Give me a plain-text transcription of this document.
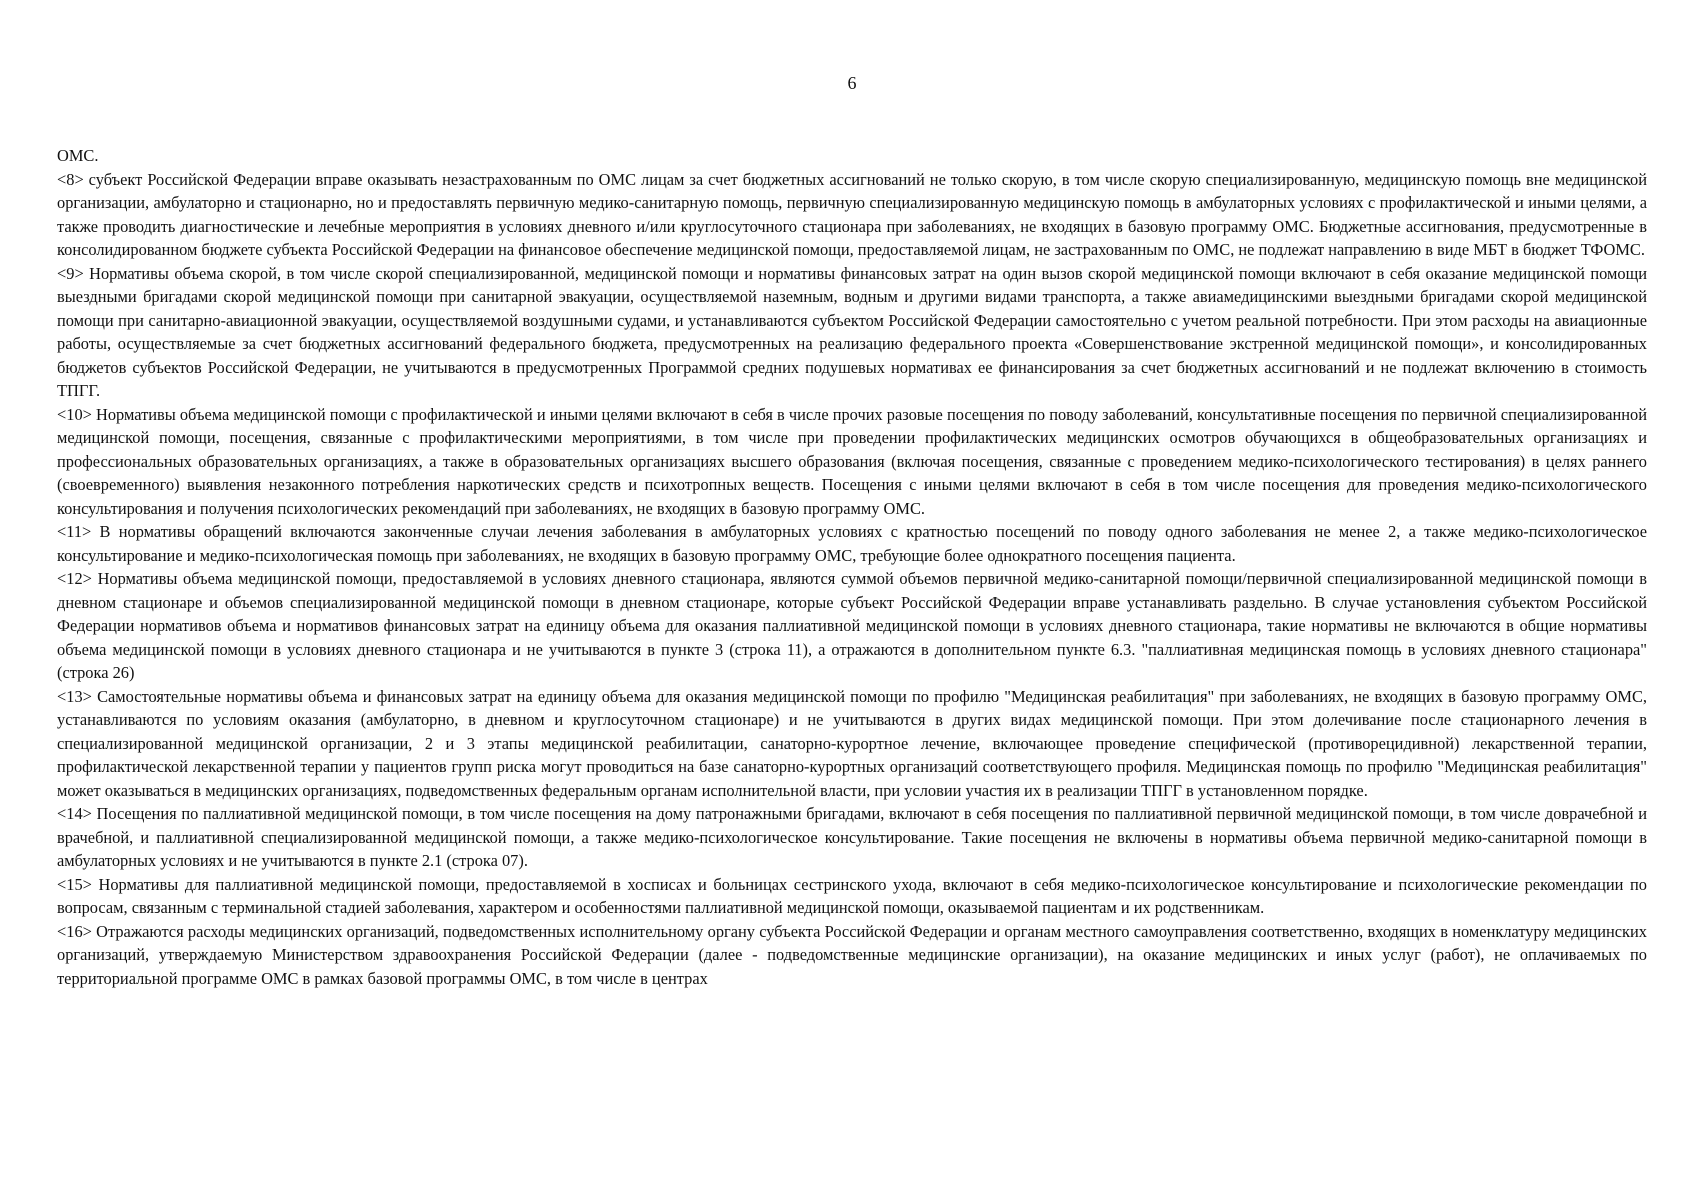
6

ОМС.

<8> субъект Российской Федерации вправе оказывать незастрахованным по ОМС лицам за счет бюджетных ассигнований не только скорую, в том числе скорую специализированную, медицинскую помощь вне медицинской организации, амбулаторно и стационарно, но и предоставлять первичную медико-санитарную помощь, первичную специализированную медицинскую помощь в амбулаторных условиях с профилактической и иными целями, а также проводить диагностические и лечебные мероприятия в условиях дневного и/или круглосуточного стационара при заболеваниях, не входящих в базовую программу ОМС. Бюджетные ассигнования, предусмотренные в консолидированном бюджете субъекта Российской Федерации на финансовое обеспечение медицинской помощи, предоставляемой лицам, не застрахованным по ОМС, не подлежат направлению в виде МБТ в бюджет ТФОМС.

<9> Нормативы объема скорой, в том числе скорой специализированной, медицинской помощи и нормативы финансовых затрат на один вызов скорой медицинской помощи включают в себя оказание медицинской помощи выездными бригадами скорой медицинской помощи при санитарной эвакуации, осуществляемой наземным, водным и другими видами транспорта, а также авиамедицинскими выездными бригадами скорой медицинской помощи при санитарно-авиационной эвакуации, осуществляемой воздушными судами, и устанавливаются субъектом Российской Федерации самостоятельно с учетом реальной потребности. При этом расходы на авиационные работы, осуществляемые за счет бюджетных ассигнований федерального бюджета, предусмотренных на реализацию федерального проекта «Совершенствование экстренной медицинской помощи», и консолидированных бюджетов субъектов Российской Федерации, не учитываются в предусмотренных Программой средних подушевых нормативах ее финансирования за счет бюджетных ассигнований и не подлежат включению в стоимость ТПГГ.

<10> Нормативы объема медицинской помощи с профилактической и иными целями включают в себя в числе прочих разовые посещения по поводу заболеваний, консультативные посещения по первичной специализированной медицинской помощи, посещения, связанные с профилактическими мероприятиями, в том числе при проведении профилактических медицинских осмотров обучающихся в общеобразовательных организациях и профессиональных образовательных организациях, а также в образовательных организациях высшего образования (включая посещения, связанные с проведением медико-психологического тестирования) в целях раннего (своевременного) выявления незаконного потребления наркотических средств и психотропных веществ. Посещения с иными целями включают в себя в том числе посещения для проведения медико-психологического консультирования и получения психологических рекомендаций при заболеваниях, не входящих в базовую программу ОМС.

<11> В нормативы обращений включаются законченные случаи лечения заболевания в амбулаторных условиях с кратностью посещений по поводу одного заболевания не менее 2, а также медико-психологическое консультирование и медико-психологическая помощь при заболеваниях, не входящих в базовую программу ОМС, требующие более однократного посещения пациента.

<12> Нормативы объема медицинской помощи, предоставляемой в условиях дневного стационара, являются суммой объемов первичной медико-санитарной помощи/первичной специализированной медицинской помощи в дневном стационаре и объемов специализированной медицинской помощи в дневном стационаре, которые субъект Российской Федерации вправе устанавливать раздельно. В случае установления субъектом Российской Федерации нормативов объема и нормативов финансовых затрат на единицу объема для оказания паллиативной медицинской помощи в условиях дневного стационара, такие нормативы не включаются в общие нормативы объема медицинской помощи в условиях дневного стационара и не учитываются в пункте 3 (строка 11), а отражаются в дополнительном пункте 6.3. "паллиативная медицинская помощь в условиях дневного стационара" (строка 26)

<13> Самостоятельные нормативы объема и финансовых затрат на единицу объема для оказания медицинской помощи по профилю "Медицинская реабилитация" при заболеваниях, не входящих в базовую программу ОМС, устанавливаются по условиям оказания (амбулаторно, в дневном и круглосуточном стационаре) и не учитываются в других видах медицинской помощи. При этом долечивание после стационарного лечения в специализированной медицинской организации, 2 и 3 этапы медицинской реабилитации, санаторно-курортное лечение, включающее проведение специфической (противорецидивной) лекарственной терапии, профилактической лекарственной терапии у пациентов групп риска могут проводиться на базе санаторно-курортных организаций соответствующего профиля. Медицинская помощь по профилю "Медицинская реабилитация" может оказываться в медицинских организациях, подведомственных федеральным органам исполнительной власти, при условии участия их в реализации ТПГГ в установленном порядке.

<14> Посещения по паллиативной медицинской помощи, в том числе посещения на дому патронажными бригадами, включают в себя посещения по паллиативной первичной медицинской помощи, в том числе доврачебной и врачебной, и паллиативной специализированной медицинской помощи, а также медико-психологическое консультирование. Такие посещения не включены в нормативы объема первичной медико-санитарной помощи в амбулаторных условиях и не учитываются в пункте 2.1 (строка 07).

<15> Нормативы для паллиативной медицинской помощи, предоставляемой в хосписах и больницах сестринского ухода, включают в себя медико-психологическое консультирование и психологические рекомендации по вопросам, связанным с терминальной стадией заболевания, характером и особенностями паллиативной медицинской помощи, оказываемой пациентам и их родственникам.

<16> Отражаются расходы медицинских организаций, подведомственных исполнительному органу субъекта Российской Федерации и органам местного самоуправления соответственно, входящих в номенклатуру медицинских организаций, утверждаемую Министерством здравоохранения Российской Федерации (далее - подведомственные медицинские организации), на оказание медицинских и иных услуг (работ), не оплачиваемых по территориальной программе ОМС в рамках базовой программы ОМС, в том числе в центрах
